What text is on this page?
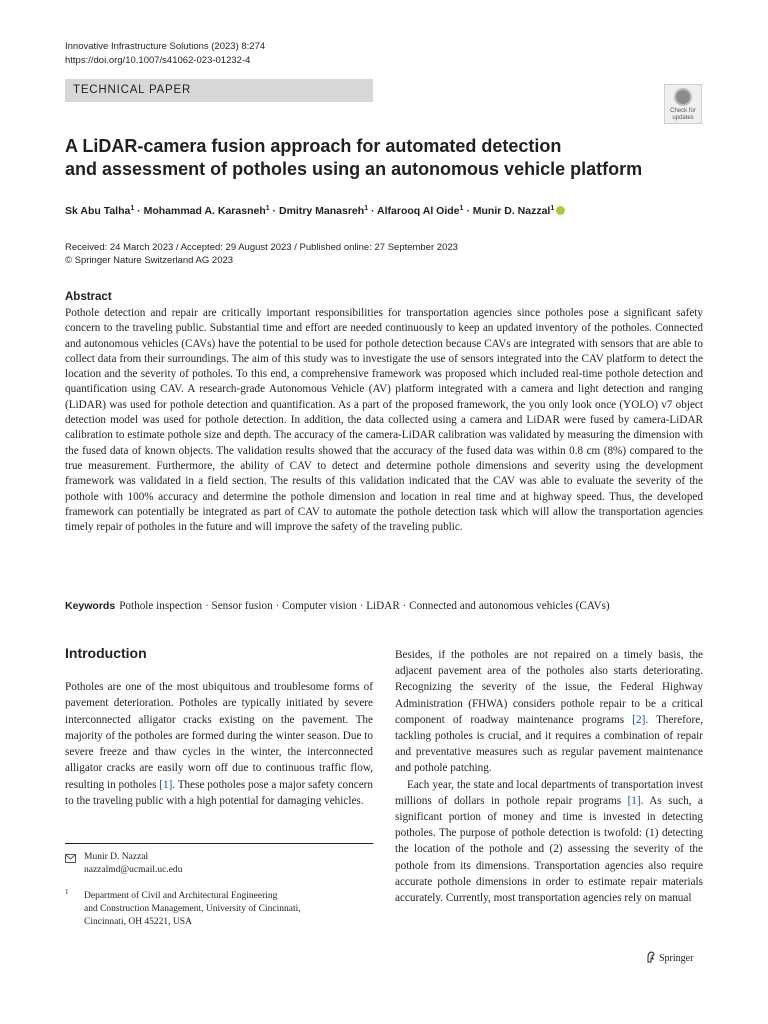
Innovative Infrastructure Solutions (2023) 8:274
https://doi.org/10.1007/s41062-023-01232-4
TECHNICAL PAPER
Check for
updates
A LiDAR-camera fusion approach for automated detection
and assessment of potholes using an autonomous vehicle platform
Sk Abu Talha$^1$ · Mohammad A. Karasneh$^1$ · Dmitry Manasreh$^1$ · Alfarooq Al Oide$^1$ · Munir D. Nazzal$^1$
Received: 24 March 2023 / Accepted: 29 August 2023 / Published online: 27 September 2023
© Springer Nature Switzerland AG 2023
Abstract
Pothole detection and repair are critically important responsibilities for transportation agencies since potholes pose a significant safety concern to the traveling public. Substantial time and effort are needed continuously to keep an updated inventory of the potholes. Connected and autonomous vehicles (CAVs) have the potential to be used for pothole detection because CAVs are integrated with sensors that are able to collect data from their surroundings. The aim of this study was to investigate the use of sensors integrated into the CAV platform to detect the location and the severity of potholes. To this end, a comprehensive framework was proposed which included real-time pothole detection and quantification using CAV. A research-grade Autonomous Vehicle (AV) platform integrated with a camera and light detection and ranging (LiDAR) was used for pothole detection and quantification. As a part of the proposed framework, the you only look once (YOLO) v7 object detection model was used for pothole detection. In addition, the data collected using a camera and LiDAR were fused by camera-LiDAR calibration to estimate pothole size and depth. The accuracy of the camera-LiDAR calibration was validated by measuring the dimension with the fused data of known objects. The validation results showed that the accuracy of the fused data was within 0.8 cm (8%) compared to the true measurement. Furthermore, the ability of CAV to detect and determine pothole dimensions and severity using the development framework was validated in a field section. The results of this validation indicated that the CAV was able to evaluate the severity of the pothole with 100% accuracy and determine the pothole dimension and location in real time and at highway speed. Thus, the developed framework can potentially be integrated as part of CAV to automate the pothole detection task which will allow the transportation agencies timely repair of potholes in the future and will improve the safety of the traveling public.
Keywords Pothole inspection · Sensor fusion · Computer vision · LiDAR · Connected and autonomous vehicles (CAVs)
Introduction

Potholes are one of the most ubiquitous and troublesome forms of pavement deterioration. Potholes are typically initiated by severe interconnected alligator cracks existing on the pavement. The majority of the potholes are formed during the winter season. Due to severe freeze and thaw cycles in the winter, the interconnected alligator cracks are easily worn off due to continuous traffic flow, resulting in potholes [1]. These potholes pose a major safety concern to the traveling public with a high potential for damaging vehicles.

Besides, if the potholes are not repaired on a timely basis, the adjacent pavement area of the potholes also starts deteriorating. Recognizing the severity of the issue, the Federal Highway Administration (FHWA) considers pothole repair to be a critical component of roadway maintenance programs [2]. Therefore, tackling potholes is crucial, and it requires a combination of repair and preventative measures such as regular pavement maintenance and pothole patching.

Each year, the state and local departments of transportation invest millions of dollars in pothole repair programs [1]. As such, a significant portion of money and time is invested in detecting potholes. The purpose of pothole detection is twofold: (1) detecting the location of the pothole and (2) assessing the severity of the pothole from its dimensions. Transportation agencies also require accurate pothole dimensions in order to estimate repair materials accurately. Currently, most transportation agencies rely on manual

Munir D. Nazzal
nazzalmd@ucmail.uc.edu
1 Department of Civil and Architectural Engineering
and Construction Management, University of Cincinnati,
Cincinnati, OH 45221, USA
Springer
